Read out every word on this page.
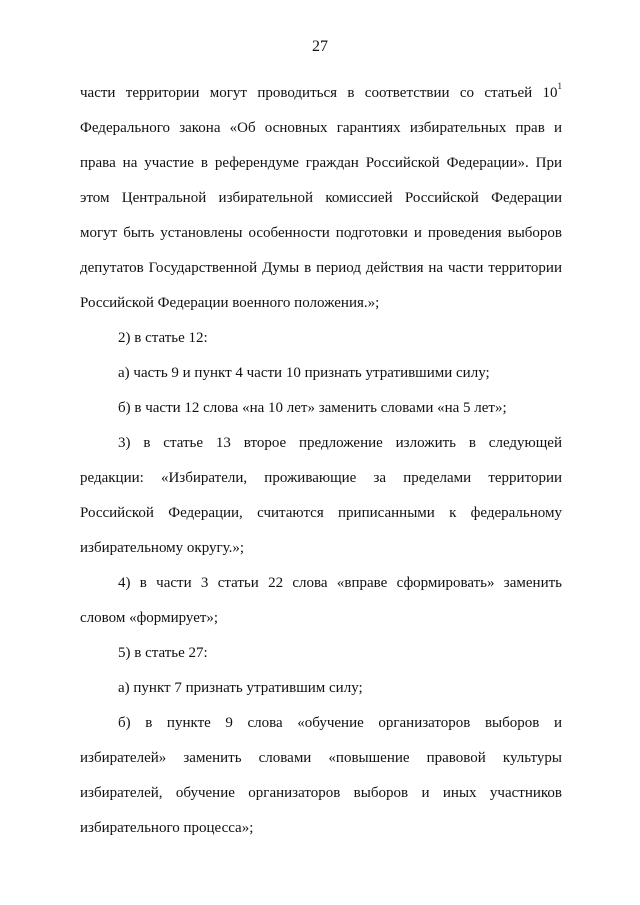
27
части территории могут проводиться в соответствии со статьей $10^1$
Федерального закона «Об основных гарантиях избирательных прав и
права на участие в референдуме граждан Российской Федерации». При
этом Центральной избирательной комиссией Российской Федерации
могут быть установлены особенности подготовки и проведения выборов
депутатов Государственной Думы в период действия на части территории
Российской Федерации военного положения.»;
2) в статье 12:
а) часть 9 и пункт 4 части 10 признать утратившими силу;
б) в части 12 слова «на 10 лет» заменить словами «на 5 лет»;
3) в статье 13 второе предложение изложить в следующей
редакции: «Избиратели, проживающие за пределами территории
Российской Федерации, считаются приписанными к федеральному
избирательному округу.»;
4) в части 3 статьи 22 слова «вправе сформировать» заменить
словом «формирует»;
5) в статье 27:
а) пункт 7 признать утратившим силу;
б) в пункте 9 слова «обучение организаторов выборов и
избирателей» заменить словами «повышение правовой культуры
избирателей, обучение организаторов выборов и иных участников
избирательного процесса»;
